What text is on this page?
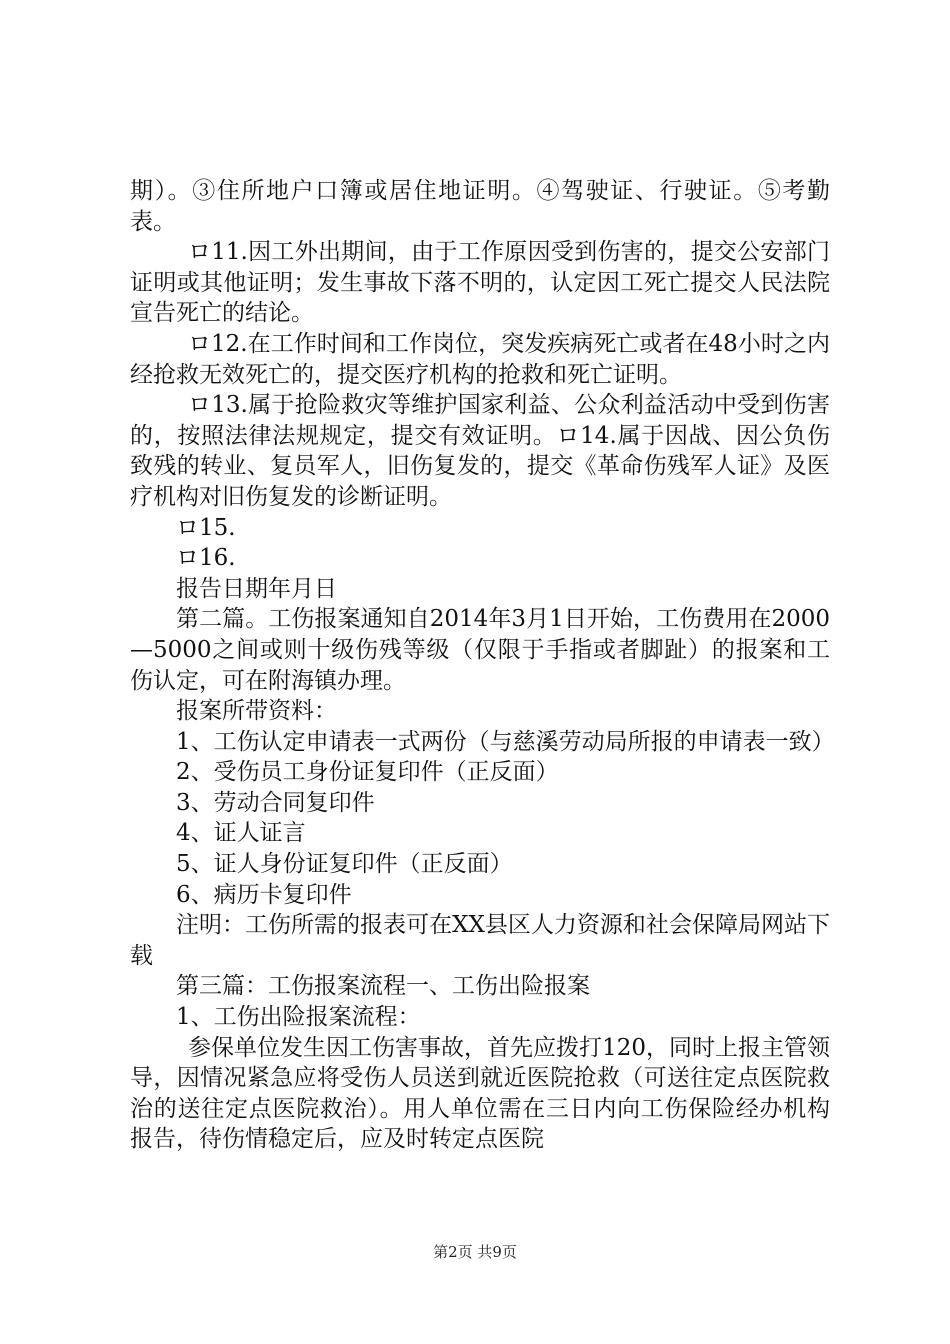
期）。③住所地户口簿或居住地证明。④驾驶证、行驶证。⑤考勤表。

ロ11.因工外出期间，由于工作原因受到伤害的，提交公安部门证明或其他证明；发生事故下落不明的，认定因工死亡提交人民法院宣告死亡的结论。

ロ12.在工作时间和工作岗位，突发疾病死亡或者在48小时之内经抢救无效死亡的，提交医疗机构的抢救和死亡证明。

ロ13.属于抢险救灾等维护国家利益、公众利益活动中受到伤害的，按照法律法规规定，提交有效证明。ロ14.属于因战、因公负伤致残的转业、复员军人，旧伤复发的，提交《革命伤残军人证》及医疗机构对旧伤复发的诊断证明。

ロ15.

ロ16.

报告日期年月日

第二篇。工伤报案通知自2014年3月1日开始，工伤费用在2000—5000之间或则十级伤残等级（仅限于手指或者脚趾）的报案和工伤认定，可在附海镇办理。

报案所带资料：

1、工伤认定申请表一式两份（与慈溪劳动局所报的申请表一致）

2、受伤员工身份证复印件（正反面）

3、劳动合同复印件

4、证人证言

5、证人身份证复印件（正反面）

6、病历卡复印件

注明：工伤所需的报表可在XX县区人力资源和社会保障局网站下载

第三篇：工伤报案流程一、工伤出险报案

1、工伤出险报案流程：

参保单位发生因工伤害事故，首先应拨打120，同时上报主管领导，因情况紧急应将受伤人员送到就近医院抢救（可送往定点医院救治的送往定点医院救治）。用人单位需在三日内向工伤保险经办机构报告，待伤情稳定后，应及时转定点医院

第2页 共9页
